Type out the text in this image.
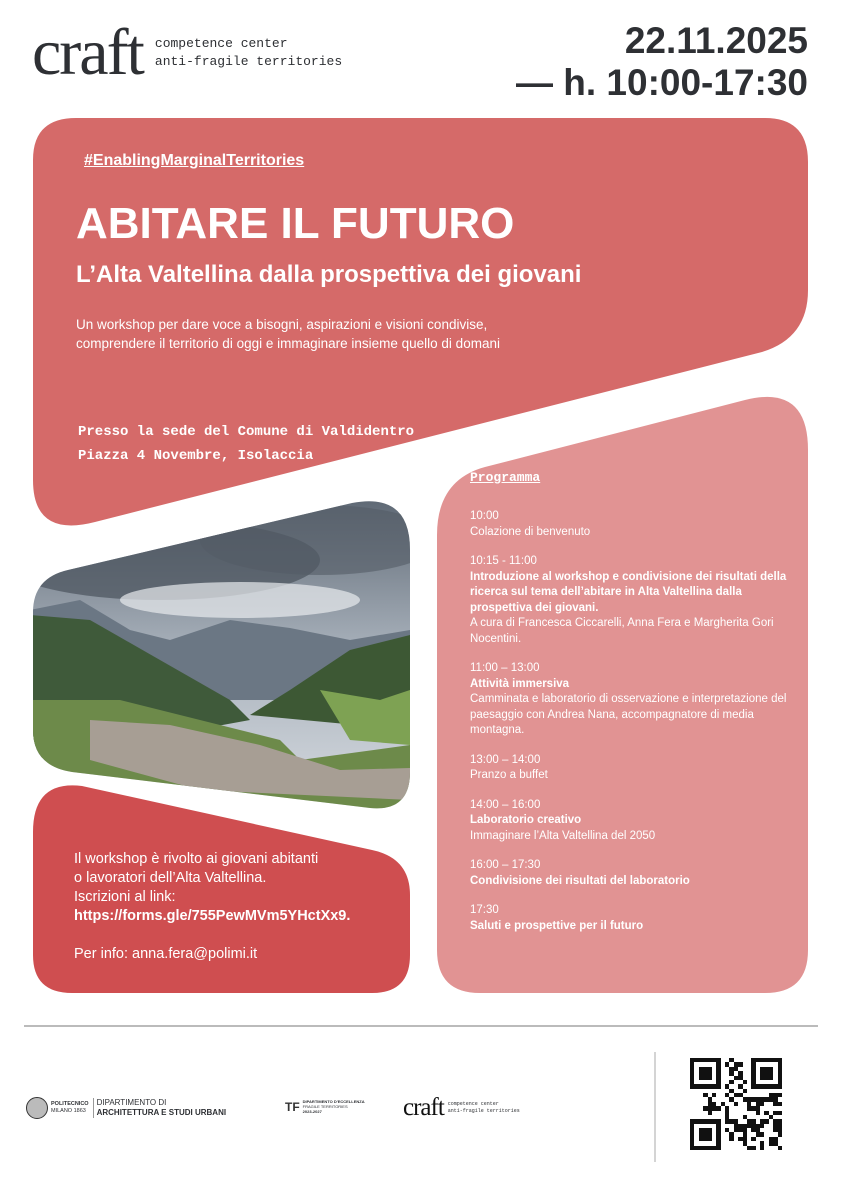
craft competence center
anti-fragile territories
22.11.2025
— h. 10:00-17:30
#EnablingMarginalTerritories
ABITARE IL FUTURO
L’Alta Valtellina dalla prospettiva dei giovani
Un workshop per dare voce a bisogni, aspirazioni e visioni condivise,
comprendere il territorio di oggi e immaginare insieme quello di domani
Presso la sede del Comune di Valdidentro
Piazza 4 Novembre, Isolaccia
Programma
10:00
Colazione di benvenuto
10:15 - 11:00
Introduzione al workshop e condivisione dei risultati della ricerca sul tema dell’abitare in Alta Valtellina dalla prospettiva dei giovani.
A cura di Francesca Ciccarelli, Anna Fera e Margherita Gori Nocentini.
11:00 – 13:00
Attività immersiva
Camminata e laboratorio di osservazione e interpretazione del paesaggio con Andrea Nana, accompagnatore di media montagna.
13:00 – 14:00
Pranzo a buffet
14:00 – 16:00
Laboratorio creativo
Immaginare l’Alta Valtellina del 2050
16:00 – 17:30
Condivisione dei risultati del laboratorio
17:30
Saluti e prospettive per il futuro
Il workshop è rivolto ai giovani abitanti
o lavoratori dell’Alta Valtellina.
Iscrizioni al link:
https://forms.gle/755PewMVm5YHctXx9.
Per info: anna.fera@polimi.it
POLITECNICO
MILANO 1863
DIPARTIMENTO DI
ARCHITETTURA E STUDI URBANI	TF DIPARTIMENTO D'ECCELLENZA
FRAGILE TERRITORIES
2023-2027	craft competence center
anti-fragile territories
